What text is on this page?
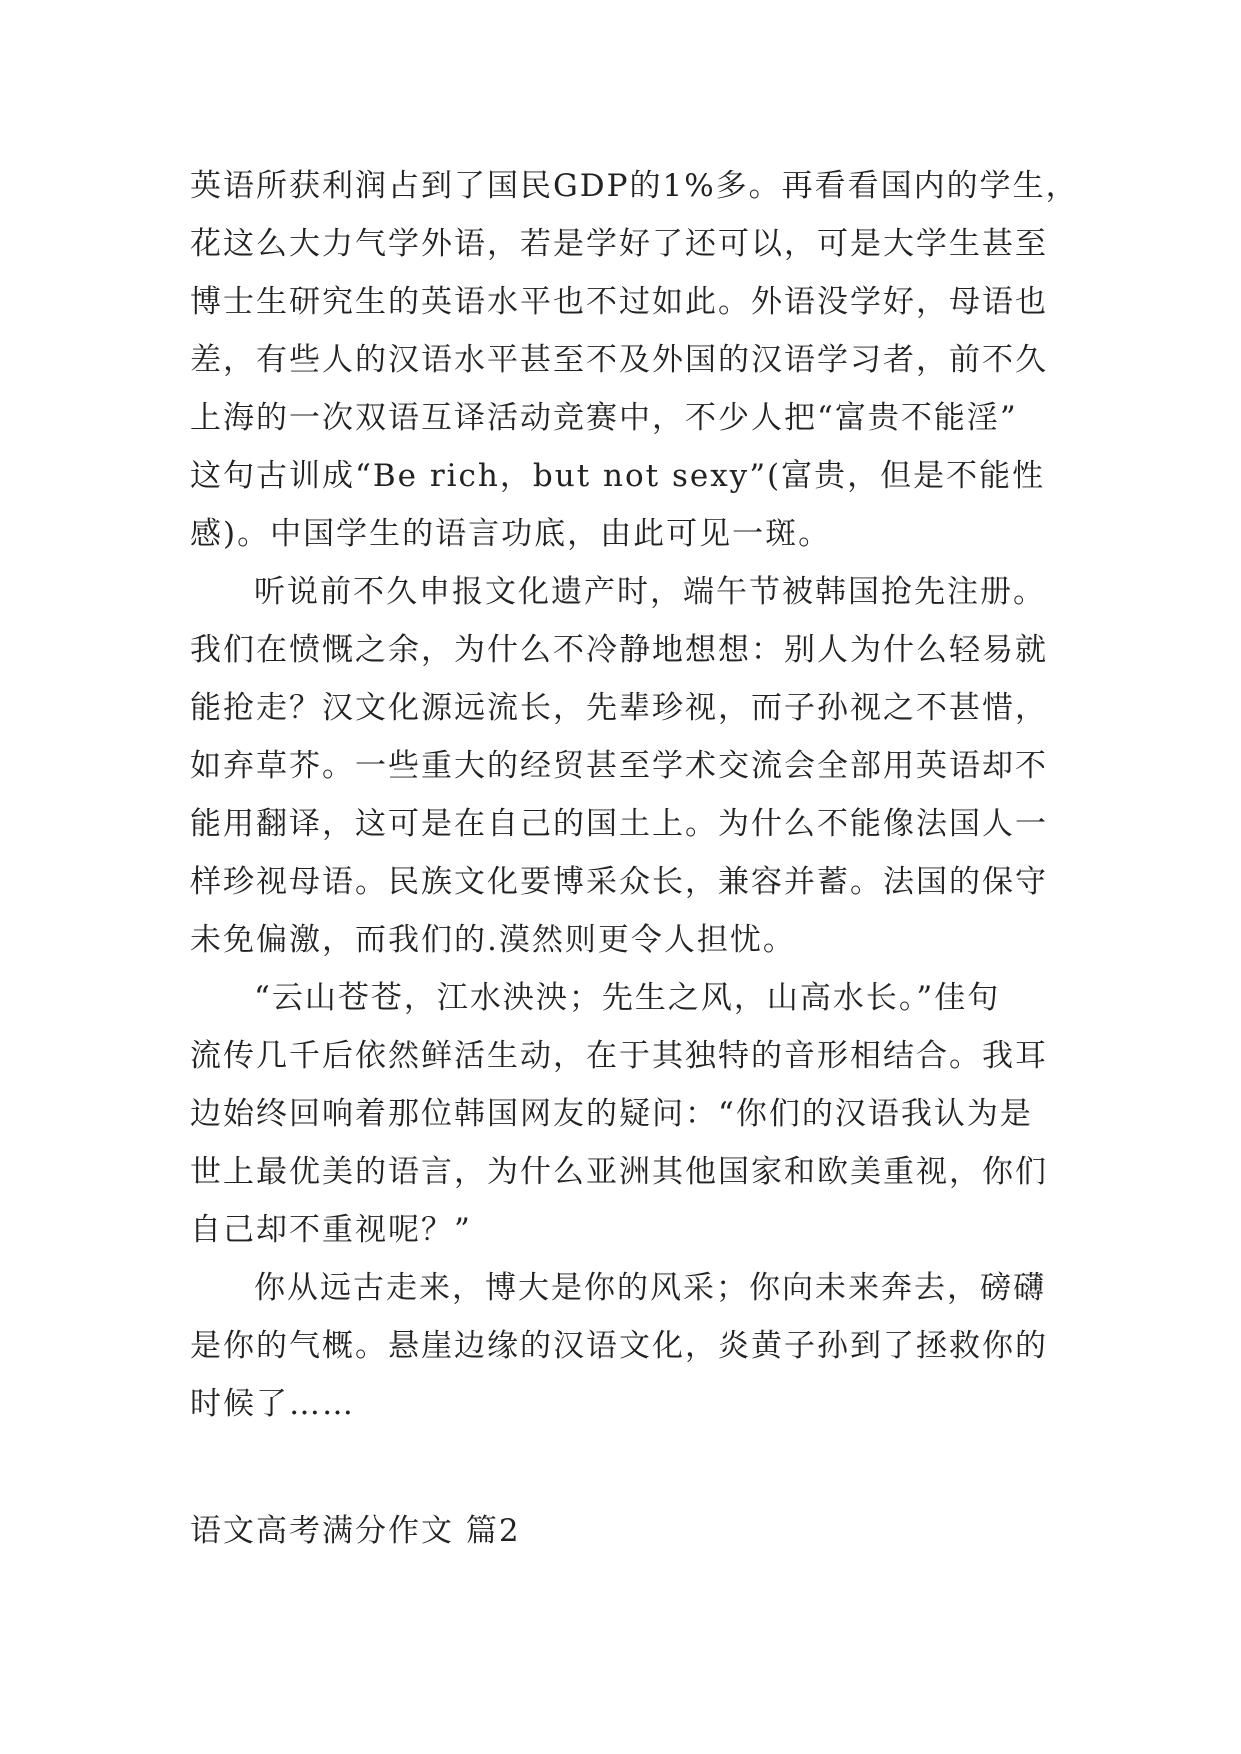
英语所获利润占到了国民GDP的1%多。再看看国内的学生，
花这么大力气学外语，若是学好了还可以，可是大学生甚至
博士生研究生的英语水平也不过如此。外语没学好，母语也
差，有些人的汉语水平甚至不及外国的汉语学习者，前不久
上海的一次双语互译活动竞赛中，不少人把“富贵不能淫”
这句古训成“Be rich，but not sexy”(富贵，但是不能性
感)。中国学生的语言功底，由此可见一斑。
听说前不久申报文化遗产时，端午节被韩国抢先注册。
我们在愤慨之余，为什么不冷静地想想：别人为什么轻易就
能抢走？汉文化源远流长，先辈珍视，而子孙视之不甚惜，
如弃草芥。一些重大的经贸甚至学术交流会全部用英语却不
能用翻译，这可是在自己的国土上。为什么不能像法国人一
样珍视母语。民族文化要博采众长，兼容并蓄。法国的保守
未免偏激，而我们的.漠然则更令人担忧。
“云山苍苍，江水泱泱；先生之风，山高水长。”佳句
流传几千后依然鲜活生动，在于其独特的音形相结合。我耳
边始终回响着那位韩国网友的疑问：“你们的汉语我认为是
世上最优美的语言，为什么亚洲其他国家和欧美重视，你们
自己却不重视呢？”
你从远古走来，博大是你的风采；你向未来奔去，磅礴
是你的气概。悬崖边缘的汉语文化，炎黄子孙到了拯救你的
时候了……
语文高考满分作文 篇2
